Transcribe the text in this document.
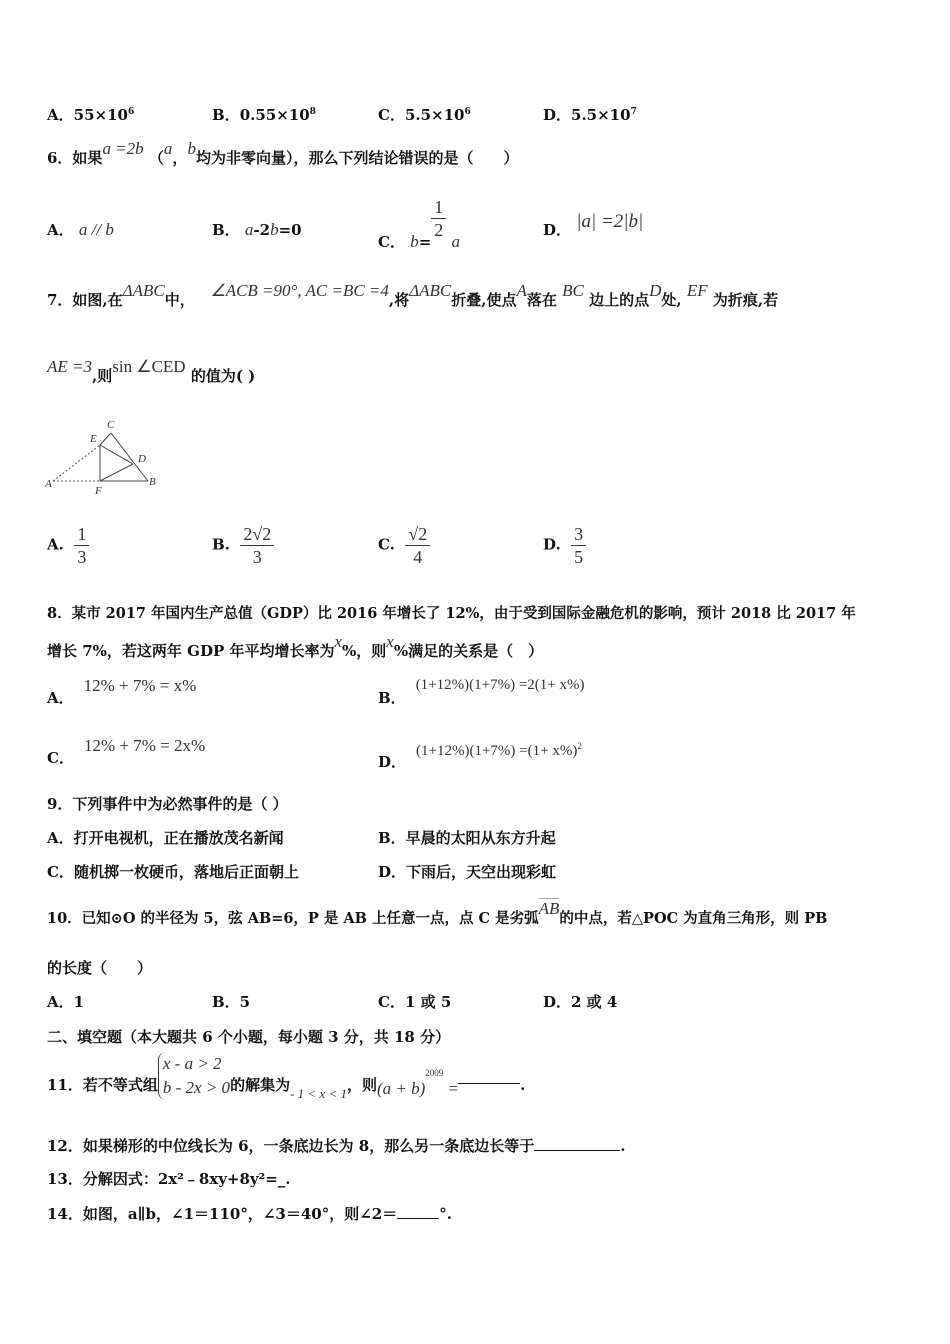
A．$55\times 10^6$	B．$0.55\times 10^8$	C．$5.5\times 10^6$	D．$5.5\times 10^7$
6．如果a =2b （a，b均为非零向量），那么下列结论错误的是（　　）
A． a // b	B． a-2b=0
C． b=
$\frac{1}{2}$ a
D． |a| =2|b|
7．如图,在ΔABC中， ∠ACB =90°, AC =BC =4,将ΔABC折叠,使点A落在 BC 边上的点D处, EF 为折痕,若
AE =3,则sin ∠CED 的值为( )
A	B
C
D
E
F
A. $\frac{1}{3}$	B. $\frac{2√2}{3}$	C. $\frac{√2}{4}$	D. $\frac{3}{5}$
8．某市 2017 年国内生产总值（GDP）比 2016 年增长了 12%，由于受到国际金融危机的影响，预计 2018 比 2017 年
增长 7%，若这两年 GDP 年平均增长率为x%，则x%满足的关系是（　）
A．12% + 7% = x%
B．(1+12%)(1+7%) =2(1+ x%)
C．12% + 7% = 2x%
D．$(1+12\%)(1+7\%) =(1+ x\%)^2$
9．下列事件中为必然事件的是（ ）
A．打开电视机，正在播放茂名新闻	B．早晨的太阳从东方升起
C．随机掷一枚硬币，落地后正面朝上	D．下雨后，天空出现彩虹
10．已知⊙O 的半径为 5，弦 AB=6，P 是 AB 上任意一点，点 C 是劣弧AB的中点，若△POC 为直角三角形，则 PB
的长度（　　）
A．1	B．5	C．1 或 5	D．2 或 4
二、填空题（本大题共 6 个小题，每小题 3 分，共 18 分）
11．若不等式组
x - a > 2
b - 2x > 0 的解集为- 1 < x < 1，则$(a + b)^{2009}$ =	.
12．如果梯形的中位线长为 6，一条底边长为 8，那么另一条底边长等于	.
13．分解因式：2x²﹣8xy+8y²=_.
14．如图，a∥b，∠1＝110°，∠3＝40°，则∠2＝	°.
